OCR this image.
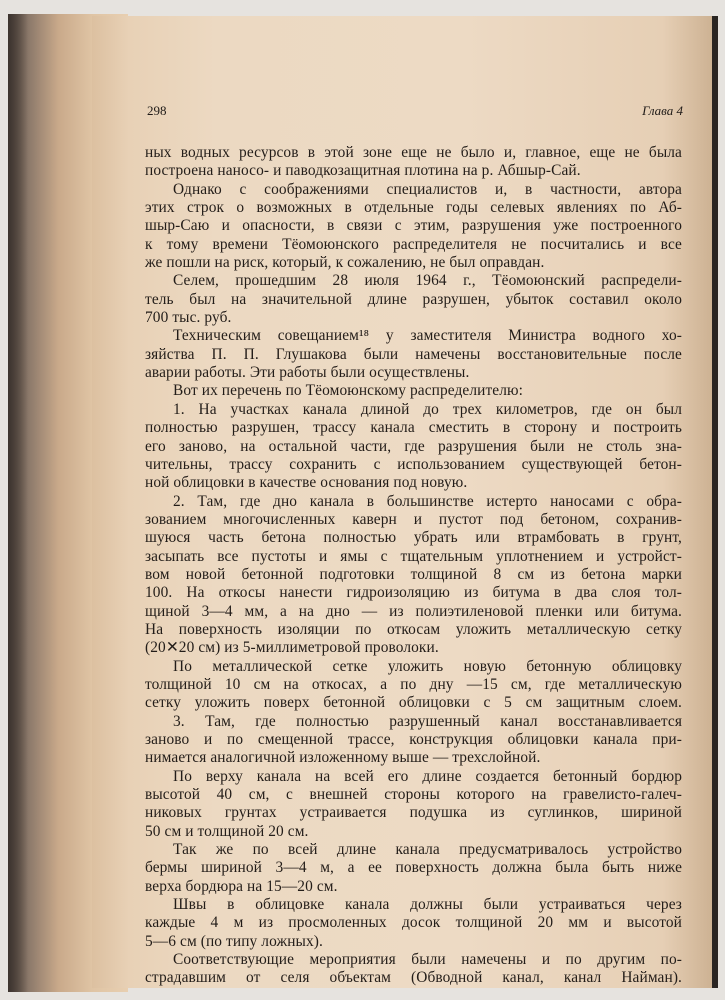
298	Глава 4
ных водных ресурсов в этой зоне еще не было и, главное, еще не была
построена наносо- и паводкозащитная плотина на р. Абшыр-Сай.
Однако с соображениями специалистов и, в частности, автора
этих строк о возможных в отдельные годы селевых явлениях по Аб-
шыр-Саю и опасности, в связи с этим, разрушения уже построенного
к тому времени Тёомоюнского распределителя не посчитались и все
же пошли на риск, который, к сожалению, не был оправдан.
Селем, прошедшим 28 июля 1964 г., Тёомоюнский распредели-
тель был на значительной длине разрушен, убыток составил около
700 тыс. руб.
Техническим совещанием¹⁸ у заместителя Министра водного хо-
зяйства П. П. Глушакова были намечены восстановительные после
аварии работы. Эти работы были осуществлены.
Вот их перечень по Тёомоюнскому распределителю:
1. На участках канала длиной до трех километров, где он был
полностью разрушен, трассу канала сместить в сторону и построить
его заново, на остальной части, где разрушения были не столь зна-
чительны, трассу сохранить с использованием существующей бетон-
ной облицовки в качестве основания под новую.
2. Там, где дно канала в большинстве истерто наносами с обра-
зованием многочисленных каверн и пустот под бетоном, сохранив-
шуюся часть бетона полностью убрать или втрамбовать в грунт,
засыпать все пустоты и ямы с тщательным уплотнением и устройст-
вом новой бетонной подготовки толщиной 8 см из бетона марки
100. На откосы нанести гидроизоляцию из битума в два слоя тол-
щиной 3—4 мм, а на дно — из полиэтиленовой пленки или битума.
На поверхность изоляции по откосам уложить металлическую сетку
(20✕20 см) из 5-миллиметровой проволоки.
По металлической сетке уложить новую бетонную облицовку
толщиной 10 см на откосах, а по дну —15 см, где металлическую
сетку уложить поверх бетонной облицовки с 5 см защитным слоем.
3. Там, где полностью разрушенный канал восстанавливается
заново и по смещенной трассе, конструкция облицовки канала при-
нимается аналогичной изложенному выше — трехслойной.
По верху канала на всей его длине создается бетонный бордюр
высотой 40 см, с внешней стороны которого на гравелисто-галеч-
никовых грунтах устраивается подушка из суглинков, шириной
50 см и толщиной 20 см.
Так же по всей длине канала предусматривалось устройство
бермы шириной 3—4 м, а ее поверхность должна была быть ниже
верха бордюра на 15—20 см.
Швы в облицовке канала должны были устраиваться через
каждые 4 м из просмоленных досок толщиной 20 мм и высотой
5—6 см (по типу ложных).
Соответствующие мероприятия были намечены и по другим по-
страдавшим от селя объектам (Обводной канал, канал Найман).
